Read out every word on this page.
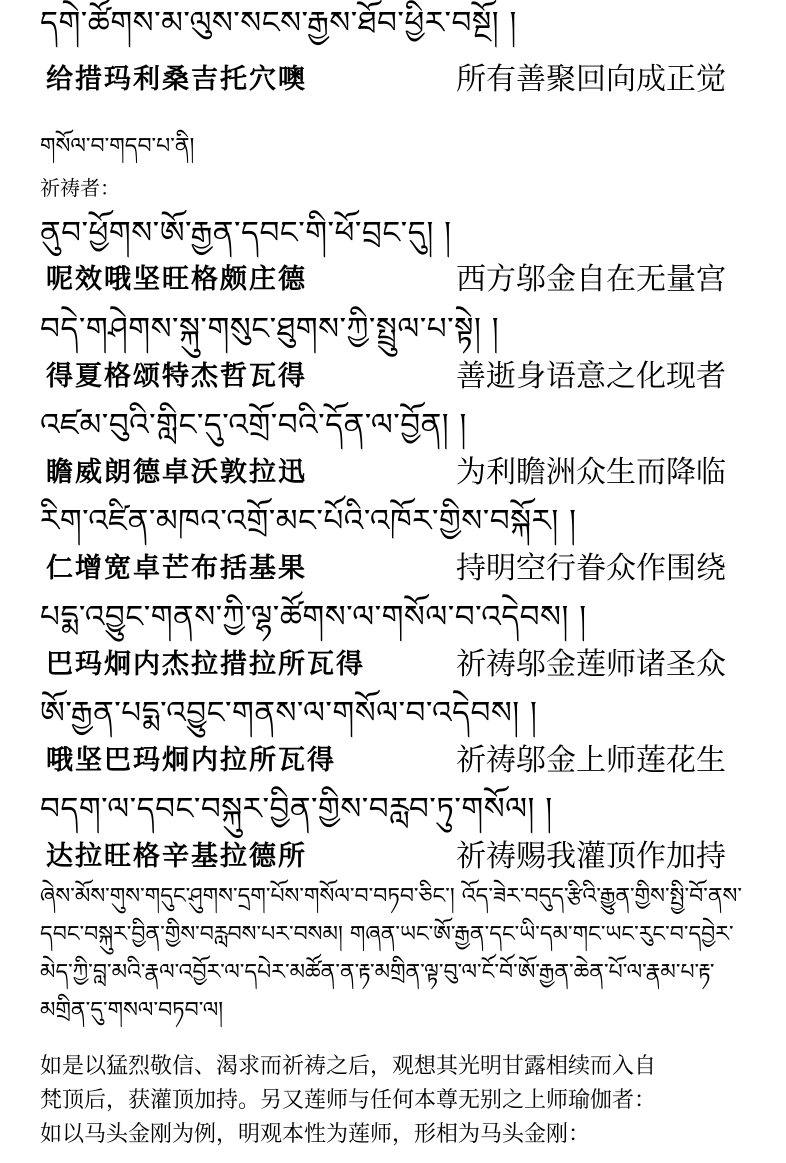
དགེ་ཚོགས་མ་ལུས་སངས་རྒྱས་ཐོབ་ཕྱིར་བསྔོ། །
给措玛利桑吉托穴噢	所有善聚回向成正觉
གསོལ་བ་གདབ་པ་ནི།
祈祷者：
ནུབ་ཕྱོགས་ཨོ་རྒྱན་དབང་གི་ཕོ་བྲང་དུ། །
呢效哦坚旺格颇庄德	西方邬金自在无量宫
བདེ་གཤེགས་སྐུ་གསུང་ཐུགས་ཀྱི་སྤྲུལ་པ་སྟེ། །
得夏格颂特杰哲瓦得	善逝身语意之化现者
འཛམ་བུའི་གླིང་དུ་འགྲོ་བའི་དོན་ལ་བྱོན། །
瞻威朗德卓沃敦拉迅	为利瞻洲众生而降临
རིག་འཛིན་མཁའ་འགྲོ་མང་པོའི་འཁོར་གྱིས་བསྐོར། །
仁增宽卓芒布括基果	持明空行眷众作围绕
པདྨ་འབྱུང་གནས་ཀྱི་ལྷ་ཚོགས་ལ་གསོལ་བ་འདེབས། །
巴玛炯内杰拉措拉所瓦得	祈祷邬金莲师诸圣众
ཨོ་རྒྱན་པདྨ་འབྱུང་གནས་ལ་གསོལ་བ་འདེབས། །
哦坚巴玛炯内拉所瓦得	祈祷邬金上师莲花生
བདག་ལ་དབང་བསྐུར་བྱིན་གྱིས་བརླབ་ཏུ་གསོལ། །
达拉旺格辛基拉德所	祈祷赐我灌顶作加持
ཞེས་མོས་གུས་གདུང་ཤུགས་དྲག་པོས་གསོལ་བ་བཏབ་ཅིང་། འོད་ཟེར་བདུད་རྩིའི་རྒྱུན་གྱིས་སྤྱི་བོ་ནས་དབང་བསྐུར་བྱིན་གྱིས་བརླབས་པར་བསམ། གཞན་ཡང་ཨོ་རྒྱན་དང་ཡི་དམ་གང་ཡང་རུང་བ་དབྱེར་མེད་ཀྱི་བླ་མའི་རྣལ་འབྱོར་ལ་དཔེར་མཚོན་ན་རྟ་མགྲིན་ལྟ་བུ་ལ་ངོ་བོ་ཨོ་རྒྱན་ཆེན་པོ་ལ་རྣམ་པ་རྟ་མགྲིན་དུ་གསལ་བཏབ་ལ།

如是以猛烈敬信、渴求而祈祷之后，观想其光明甘露相续而入自

梵顶后，获灌顶加持。另又莲师与任何本尊无别之上师瑜伽者：

如以马头金刚为例，明观本性为莲师，形相为马头金刚：
